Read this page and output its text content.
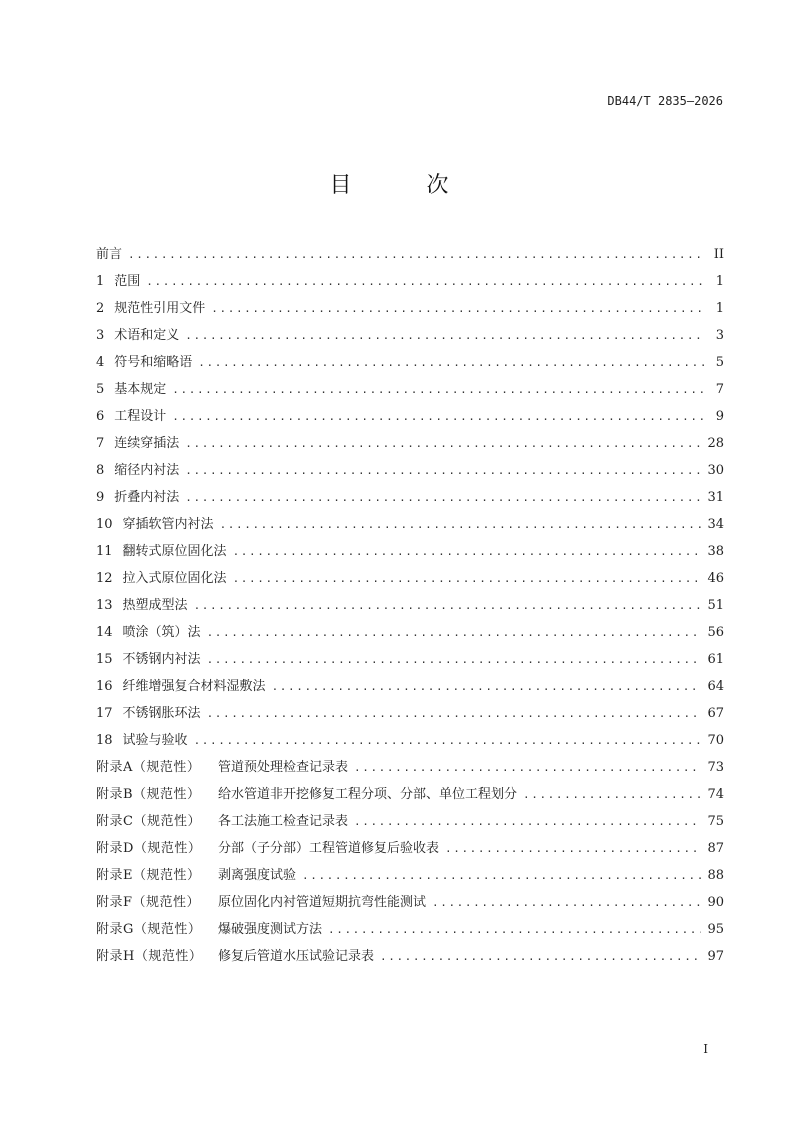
DB44/T 2835—2026
目 次
前言 .....	II
1 范围 .....	1
2 规范性引用文件 .....	1
3 术语和定义 .....	3
4 符号和缩略语 .....	5
5 基本规定 .....	7
6 工程设计 .....	9
7 连续穿插法 .....	28
8 缩径内衬法 .....	30
9 折叠内衬法 .....	31
10 穿插软管内衬法 .....	34
11 翻转式原位固化法 .....	38
12 拉入式原位固化法 .....	46
13 热塑成型法 .....	51
14 喷涂（筑）法 .....	56
15 不锈钢内衬法 .....	61
16 纤维增强复合材料湿敷法 .....	64
17 不锈钢胀环法 .....	67
18 试验与验收 .....	70
附录A（规范性）	管道预处理检查记录表 .....	73
附录B（规范性）	给水管道非开挖修复工程分项、分部、单位工程划分 .....	74
附录C（规范性）	各工法施工检查记录表 .....	75
附录D（规范性）	分部（子分部）工程管道修复后验收表 .....	87
附录E（规范性）	剥离强度试验 .....	88
附录F（规范性）	原位固化内衬管道短期抗弯性能测试 .....	90
附录G（规范性）	爆破强度测试方法 .....	95
附录H（规范性）	修复后管道水压试验记录表 .....	97
I
